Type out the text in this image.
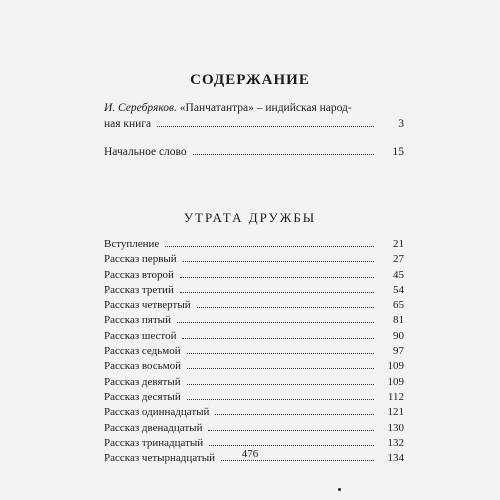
СОДЕРЖАНИЕ
И. Серебряков. «Панчатантра» – индийская народ-
ная книга	3
Начальное слово	15
УТРАТА ДРУЖБЫ
Вступление	21
Рассказ первый	27
Рассказ второй	45
Рассказ третий	54
Рассказ четвертый	65
Рассказ пятый	81
Рассказ шестой	90
Рассказ седьмой	97
Рассказ восьмой	109
Рассказ девятый	109
Рассказ десятый	112
Рассказ одиннадцатый	121
Рассказ двенадцатый	130
Рассказ тринадцатый	132
Рассказ четырнадцатый	134
476
